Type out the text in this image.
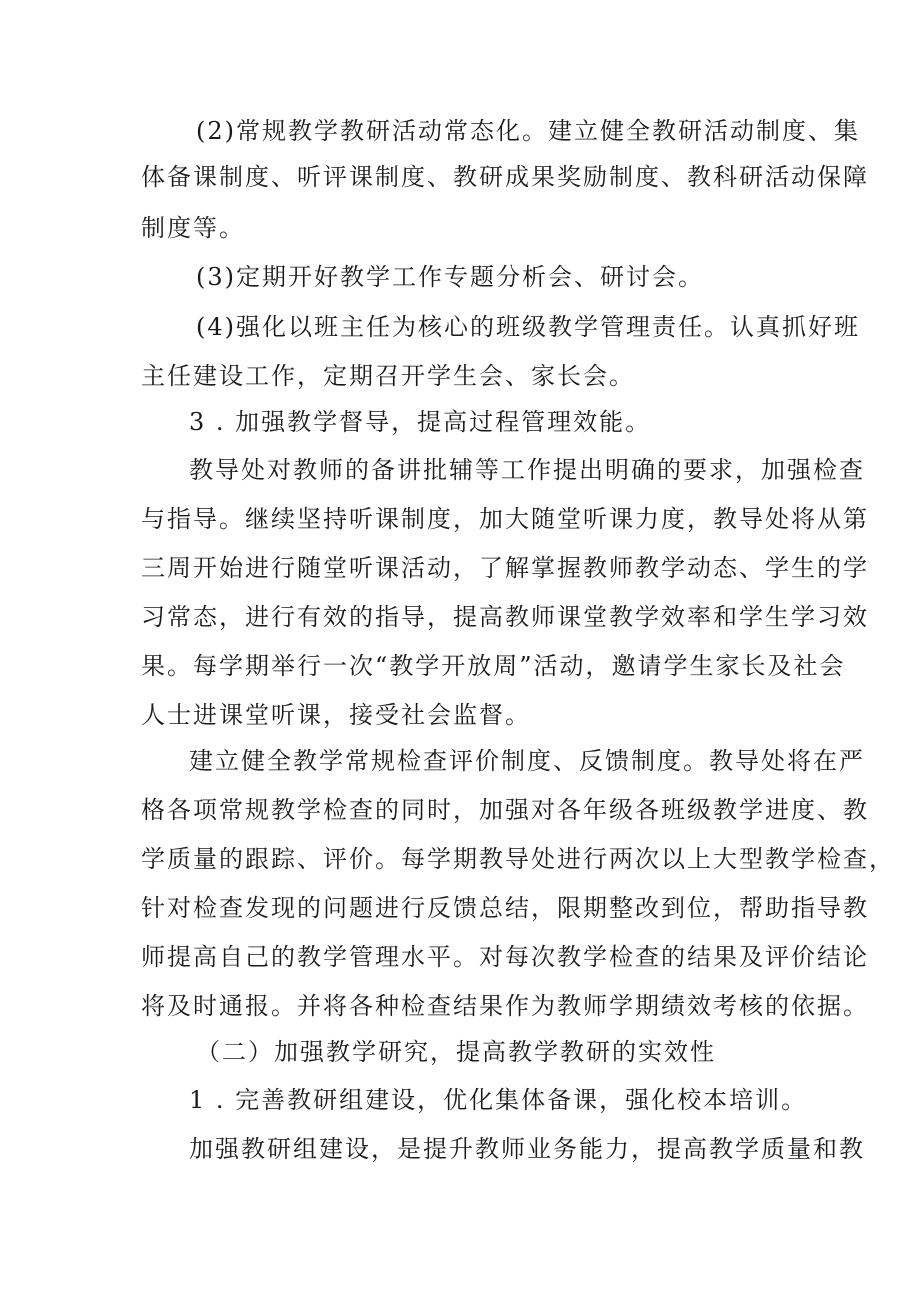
(2)常规教学教研活动常态化。建立健全教研活动制度、集
体备课制度、听评课制度、教研成果奖励制度、教科研活动保障
制度等。
(3)定期开好教学工作专题分析会、研讨会。
(4)强化以班主任为核心的班级教学管理责任。认真抓好班
主任建设工作，定期召开学生会、家长会。
3 . 加强教学督导，提高过程管理效能。
教导处对教师的备讲批辅等工作提出明确的要求，加强检查
与指导。继续坚持听课制度，加大随堂听课力度，教导处将从第
三周开始进行随堂听课活动，了解掌握教师教学动态、学生的学
习常态，进行有效的指导，提高教师课堂教学效率和学生学习效
果。每学期举行一次“教学开放周”活动，邀请学生家长及社会
人士进课堂听课，接受社会监督。
建立健全教学常规检查评价制度、反馈制度。教导处将在严
格各项常规教学检查的同时，加强对各年级各班级教学进度、教
学质量的跟踪、评价。每学期教导处进行两次以上大型教学检查，
针对检查发现的问题进行反馈总结，限期整改到位，帮助指导教
师提高自己的教学管理水平。对每次教学检查的结果及评价结论
将及时通报。并将各种检查结果作为教师学期绩效考核的依据。
（二）加强教学研究，提高教学教研的实效性
1 . 完善教研组建设，优化集体备课，强化校本培训。
加强教研组建设，是提升教师业务能力，提高教学质量和教
